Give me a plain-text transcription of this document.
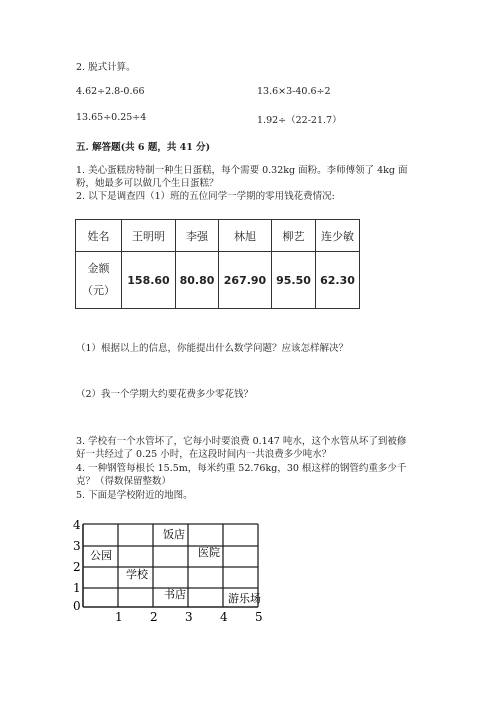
2. 脱式计算。
4.62÷2.8-0.66	13.6×3-40.6÷2
13.65÷0.25÷4	1.92÷（22-21.7）
五. 解答题(共 6 题，共 41 分)
1. 美心蛋糕房特制一种生日蛋糕，每个需要 0.32kg 面粉。李师傅领了 4kg 面
粉，她最多可以做几个生日蛋糕？
2. 以下是调查四（1）班的五位同学一学期的零用钱花费情况:
姓名	王明明	李强	林旭	柳艺	连少敏
金额
（元）	158.60	80.80	267.90	95.50	62.30
（1）根据以上的信息，你能提出什么数学问题？应该怎样解决？
（2）我一个学期大约要花费多少零花钱？
3. 学校有一个水管坏了，它每小时要浪费 0.147 吨水，这个水管从坏了到被修
好一共经过了 0.25 小时，在这段时间内一共浪费多少吨水？
4. 一种钢管每根长 15.5m，每米约重 52.76kg，30 根这样的钢管约重多少千
克？（得数保留整数）
5. 下面是学校附近的地图。
4
3
2
1
0
1 2 3 4 5
饭店
公园	医院
学校
书店	游乐场
